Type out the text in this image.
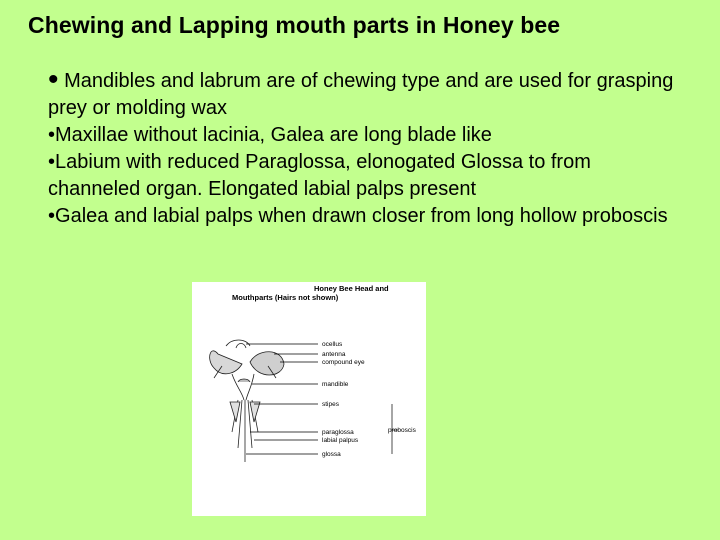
Chewing and Lapping mouth parts in Honey bee

• Mandibles and labrum are of chewing type and are used for grasping prey or molding wax

•Maxillae without lacinia, Galea are long blade like

•Labium with reduced Paraglossa, elonogated Glossa to from channeled organ. Elongated labial palps present

•Galea and labial palps when drawn closer from long hollow proboscis

Honey Bee Head and
Mouthparts (Hairs not shown)
ocellus
antenna
compound eye
mandible
stipes
paraglossa
labial palpus
glossa
proboscis
